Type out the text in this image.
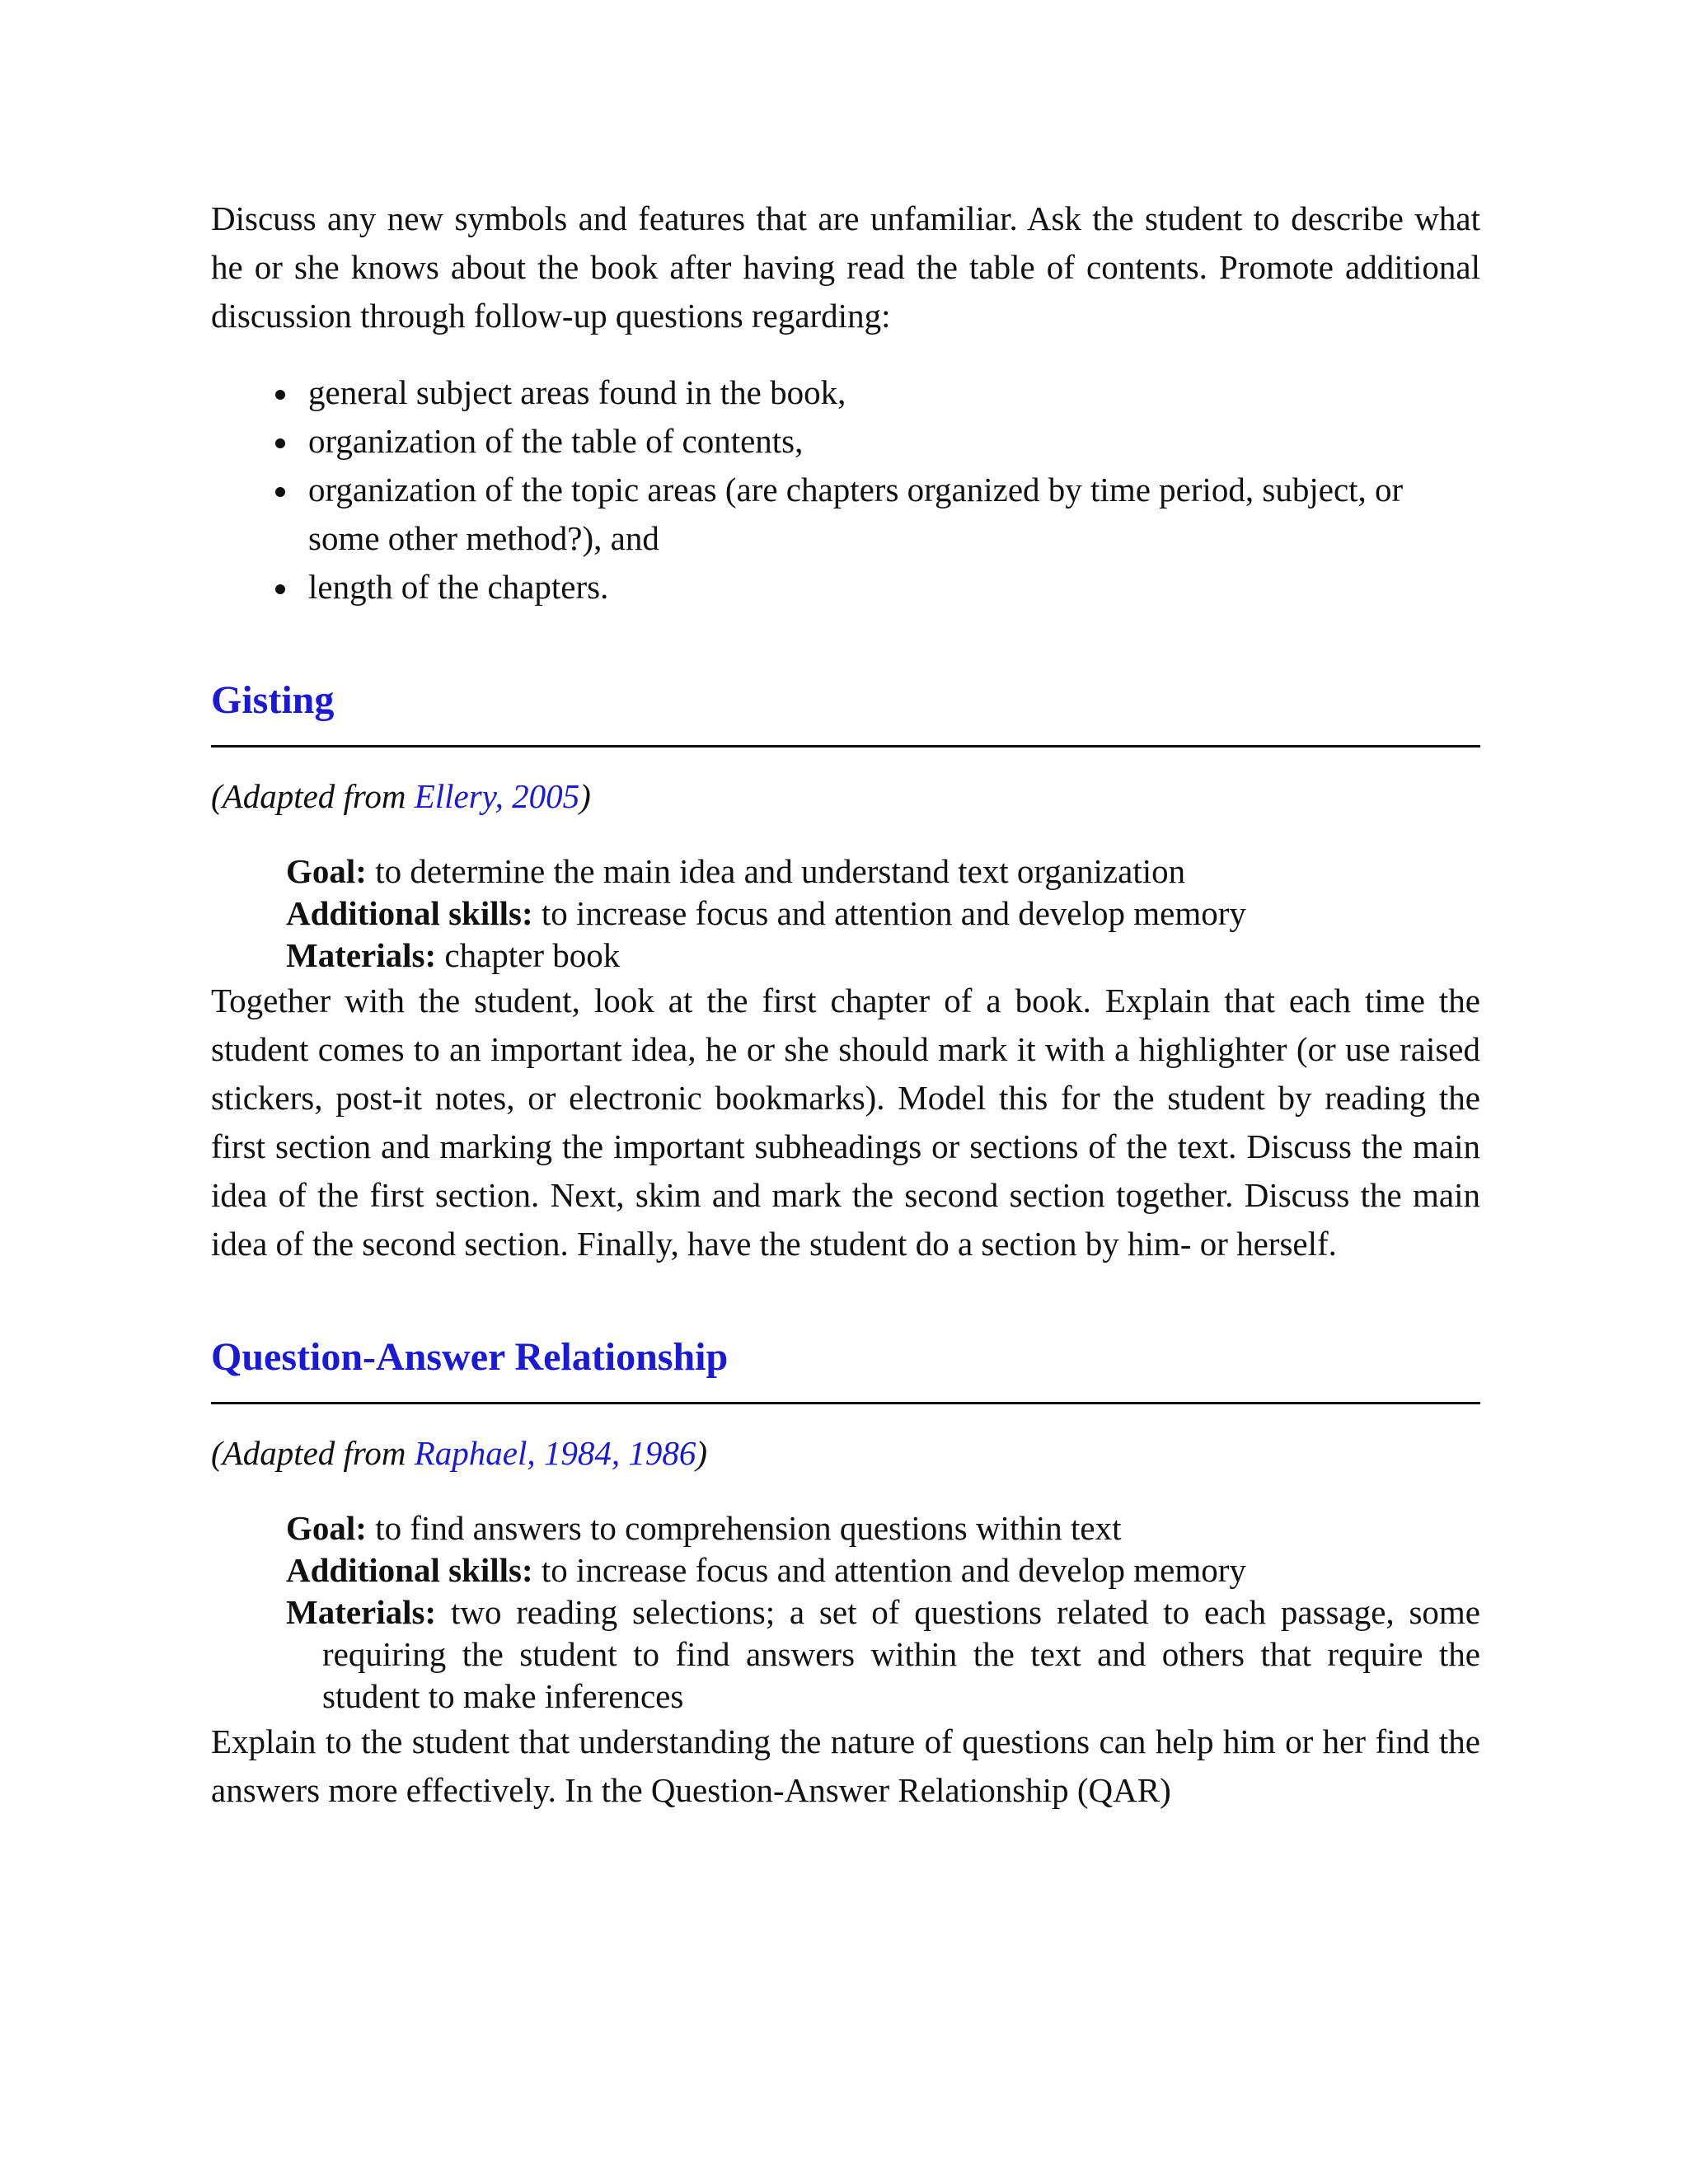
Discuss any new symbols and features that are unfamiliar. Ask the student to describe what he or she knows about the book after having read the table of contents. Promote additional discussion through follow-up questions regarding:

general subject areas found in the book,
organization of the table of contents,
organization of the topic areas (are chapters organized by time period, subject, or some other method?), and
length of the chapters.
Gisting

(Adapted from Ellery, 2005)

Goal: to determine the main idea and understand text organization
Additional skills: to increase focus and attention and develop memory
Materials: chapter book

Together with the student, look at the first chapter of a book. Explain that each time the student comes to an important idea, he or she should mark it with a highlighter (or use raised stickers, post-it notes, or electronic bookmarks). Model this for the student by reading the first section and marking the important subheadings or sections of the text. Discuss the main idea of the first section. Next, skim and mark the second section together. Discuss the main idea of the second section. Finally, have the student do a section by him- or herself.

Question-Answer Relationship

(Adapted from Raphael, 1984, 1986)

Goal: to find answers to comprehension questions within text
Additional skills: to increase focus and attention and develop memory
Materials: two reading selections; a set of questions related to each passage, some requiring the student to find answers within the text and others that require the student to make inferences

Explain to the student that understanding the nature of questions can help him or her find the answers more effectively. In the Question-Answer Relationship (QAR)
